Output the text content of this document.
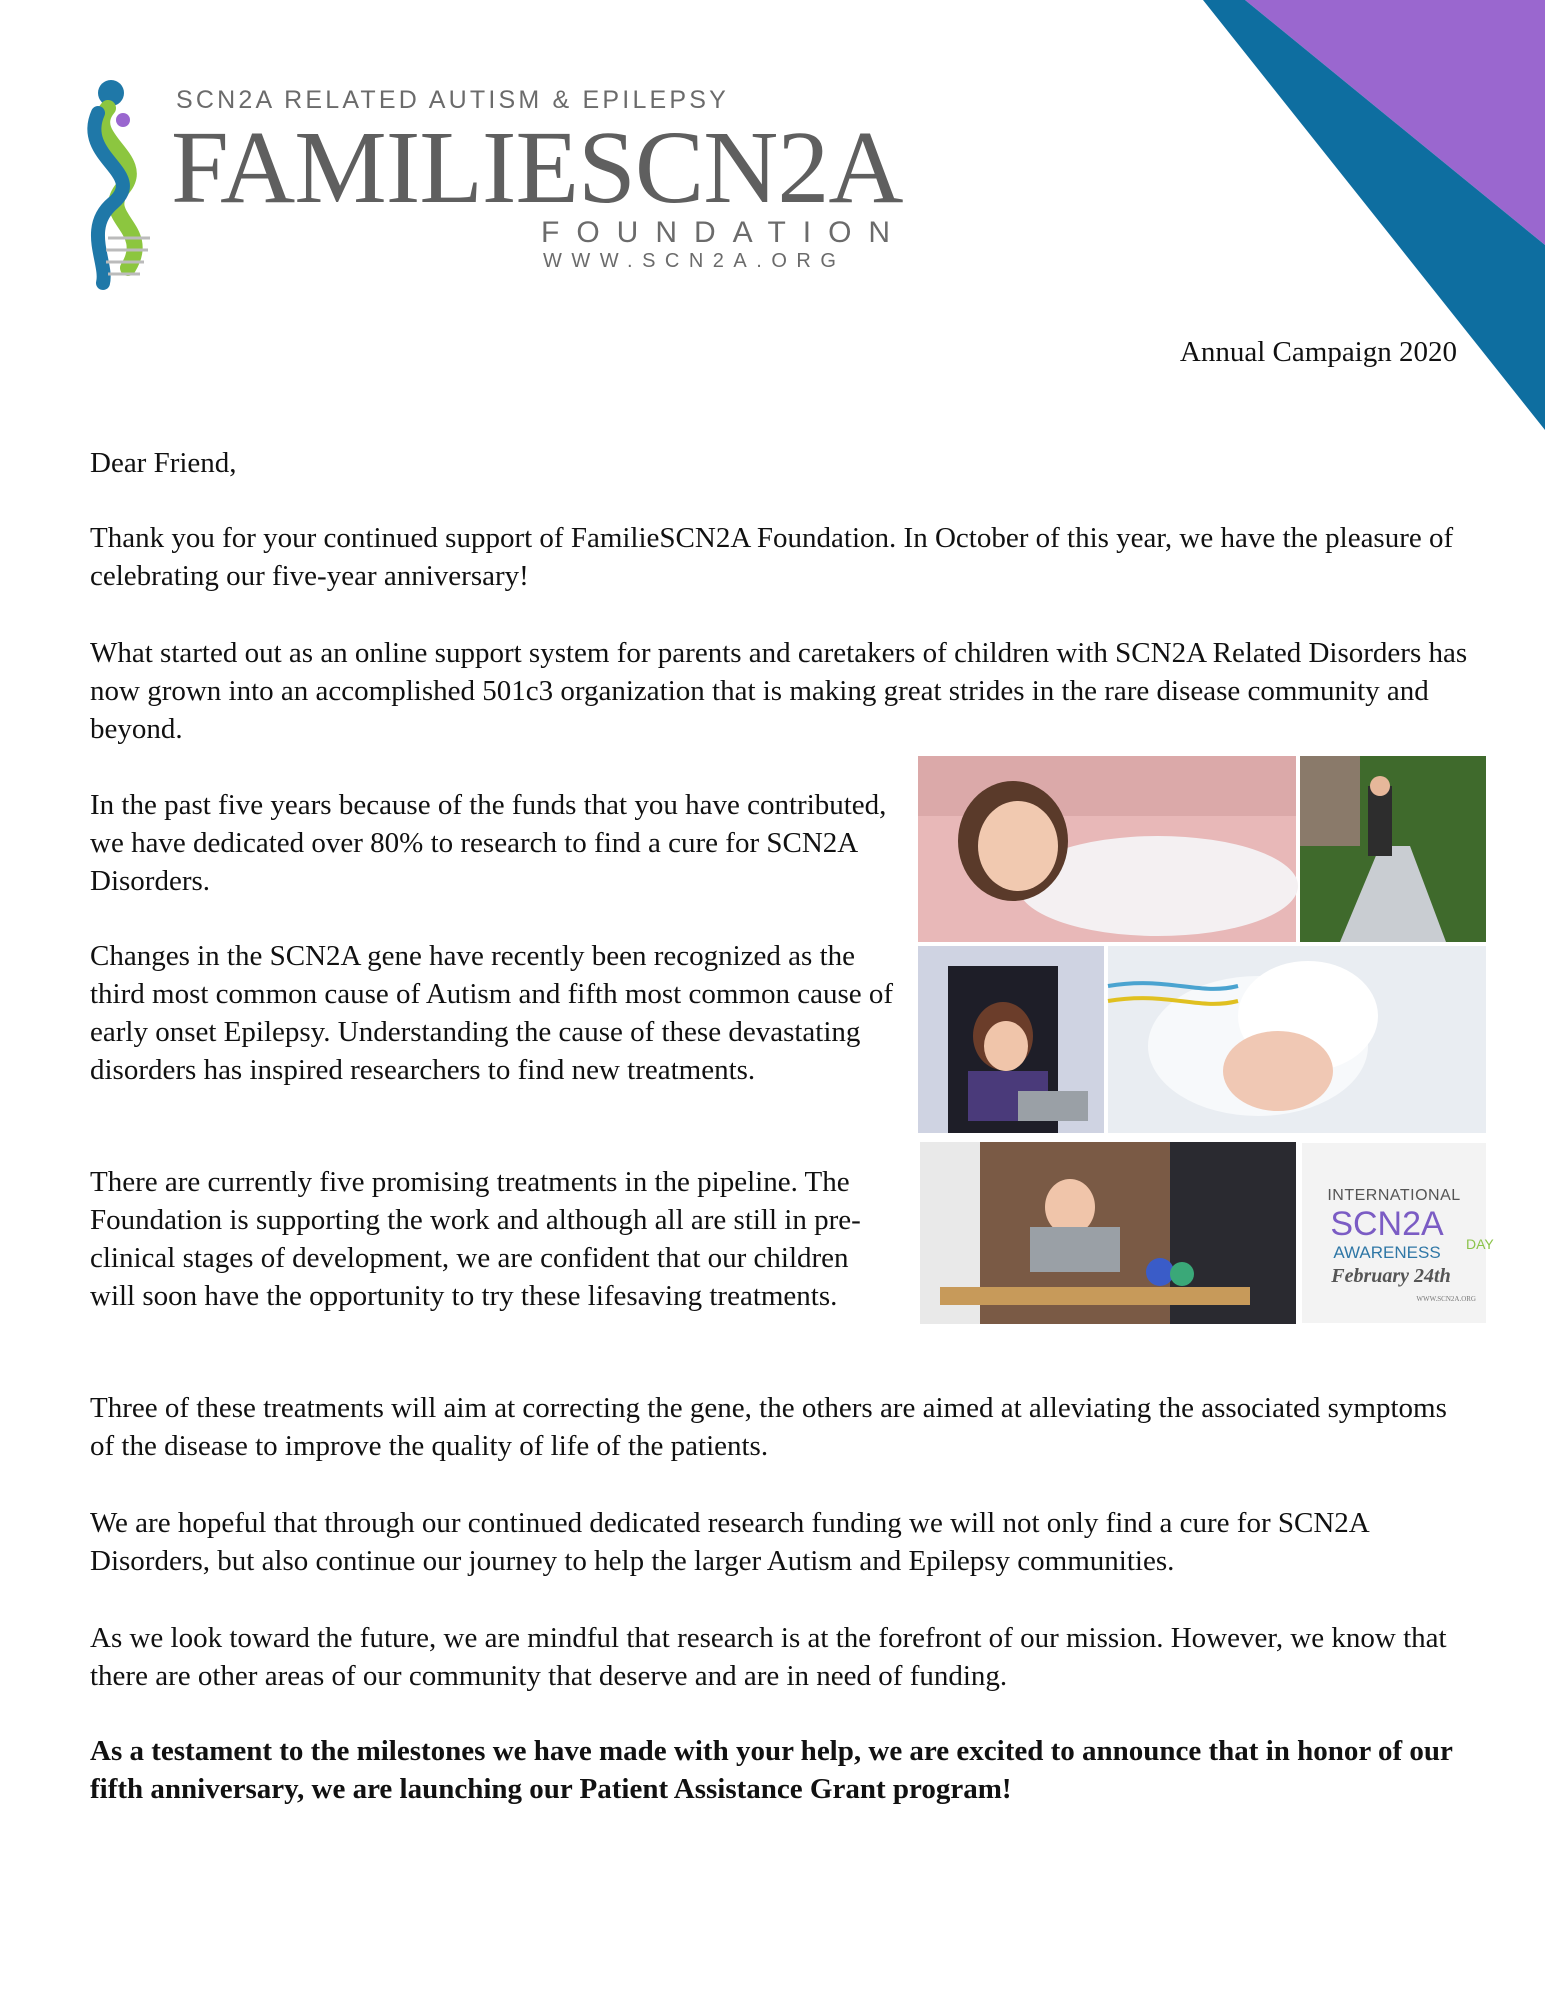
SCN2A RELATED AUTISM & EPILEPSY
FAMILIESCN2A
FOUNDATION
WWW.SCN2A.ORG
Annual Campaign 2020

Dear Friend,

Thank you for your continued support of FamilieSCN2A Foundation. In October of this year, we have the pleasure of celebrating our five-year anniversary!

What started out as an online support system for parents and caretakers of children with SCN2A Related Disorders has now grown into an accomplished 501c3 organization that is making great strides in the rare disease community and beyond.

In the past five years because of the funds that you have contributed, we have dedicated over 80% to research to find a cure for SCN2A Disorders.

Changes in the SCN2A gene have recently been recognized as the third most common cause of Autism and fifth most common cause of early onset Epilepsy. Understanding the cause of these devastating disorders has inspired researchers to find new treatments.

There are currently five promising treatments in the pipeline. The Foundation is supporting the work and although all are still in pre-clinical stages of development, we are confident that our children will soon have the opportunity to try these lifesaving treatments.

Three of these treatments will aim at correcting the gene, the others are aimed at alleviating the associated symptoms of the disease to improve the quality of life of the patients.

We are hopeful that through our continued dedicated research funding we will not only find a cure for SCN2A Disorders, but also continue our journey to help the larger Autism and Epilepsy communities.

As we look toward the future, we are mindful that research is at the forefront of our mission. However, we know that there are other areas of our community that deserve and are in need of funding.

As a testament to the milestones we have made with your help, we are excited to announce that in honor of our fifth anniversary, we are launching our Patient Assistance Grant program!

INTERNATIONAL
SCN2A
AWARENESS	DAY
February 24th
WWW.SCN2A.ORG
